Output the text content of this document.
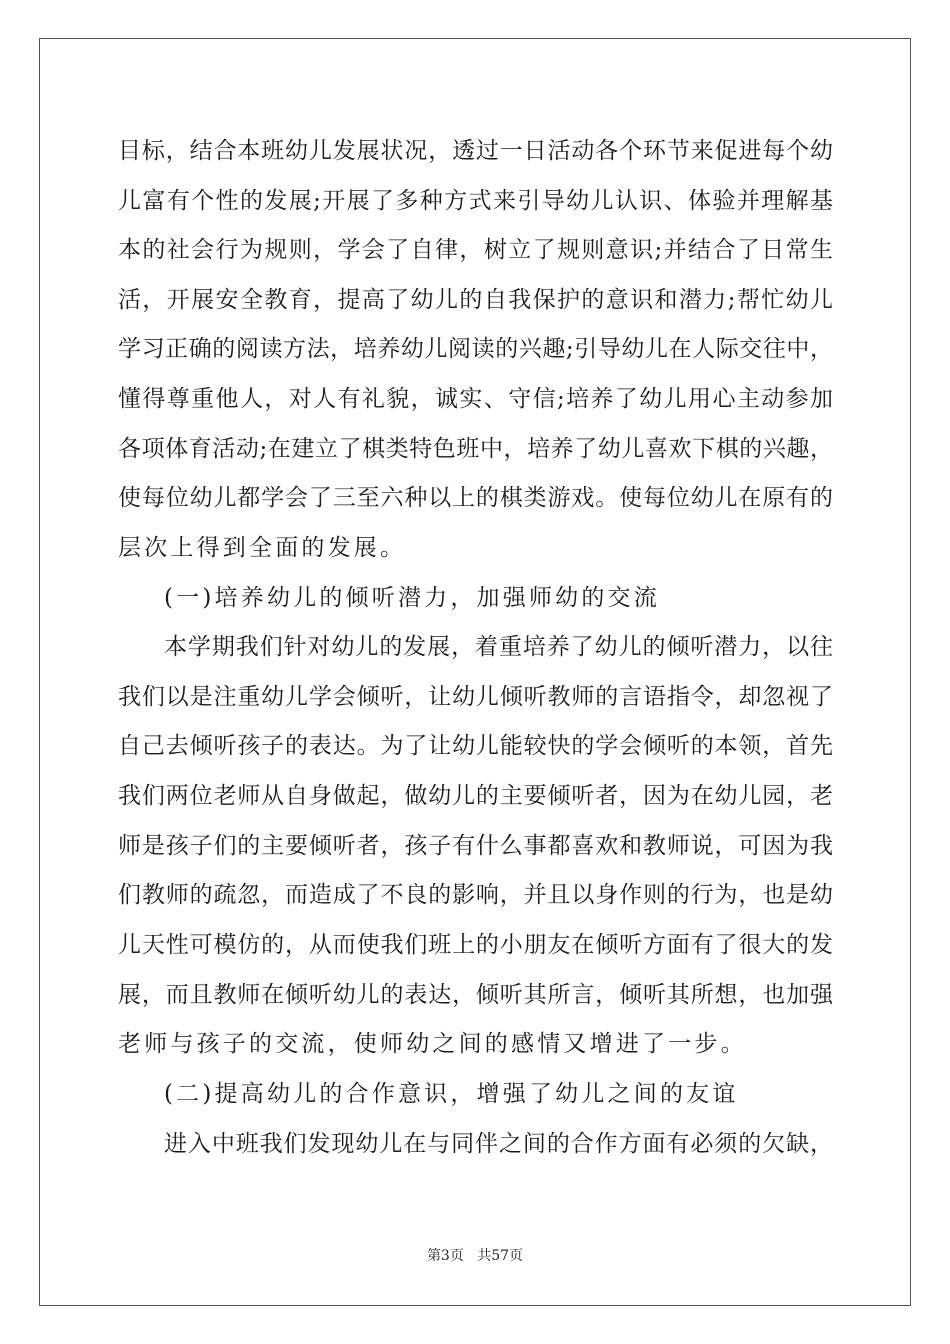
目标，结合本班幼儿发展状况，透过一日活动各个环节来促进每个幼
儿富有个性的发展;开展了多种方式来引导幼儿认识、体验并理解基
本的社会行为规则，学会了自律，树立了规则意识;并结合了日常生
活，开展安全教育，提高了幼儿的自我保护的意识和潜力;帮忙幼儿
学习正确的阅读方法，培养幼儿阅读的兴趣;引导幼儿在人际交往中，
懂得尊重他人，对人有礼貌，诚实、守信;培养了幼儿用心主动参加
各项体育活动;在建立了棋类特色班中，培养了幼儿喜欢下棋的兴趣，
使每位幼儿都学会了三至六种以上的棋类游戏。使每位幼儿在原有的
层次上得到全面的发展。
(一)培养幼儿的倾听潜力，加强师幼的交流
本学期我们针对幼儿的发展，着重培养了幼儿的倾听潜力，以往
我们以是注重幼儿学会倾听，让幼儿倾听教师的言语指令，却忽视了
自己去倾听孩子的表达。为了让幼儿能较快的学会倾听的本领，首先
我们两位老师从自身做起，做幼儿的主要倾听者，因为在幼儿园，老
师是孩子们的主要倾听者，孩子有什么事都喜欢和教师说，可因为我
们教师的疏忽，而造成了不良的影响，并且以身作则的行为，也是幼
儿天性可模仿的，从而使我们班上的小朋友在倾听方面有了很大的发
展，而且教师在倾听幼儿的表达，倾听其所言，倾听其所想，也加强
老师与孩子的交流，使师幼之间的感情又增进了一步。
(二)提高幼儿的合作意识，增强了幼儿之间的友谊
进入中班我们发现幼儿在与同伴之间的合作方面有必须的欠缺，
第3页 共57页
